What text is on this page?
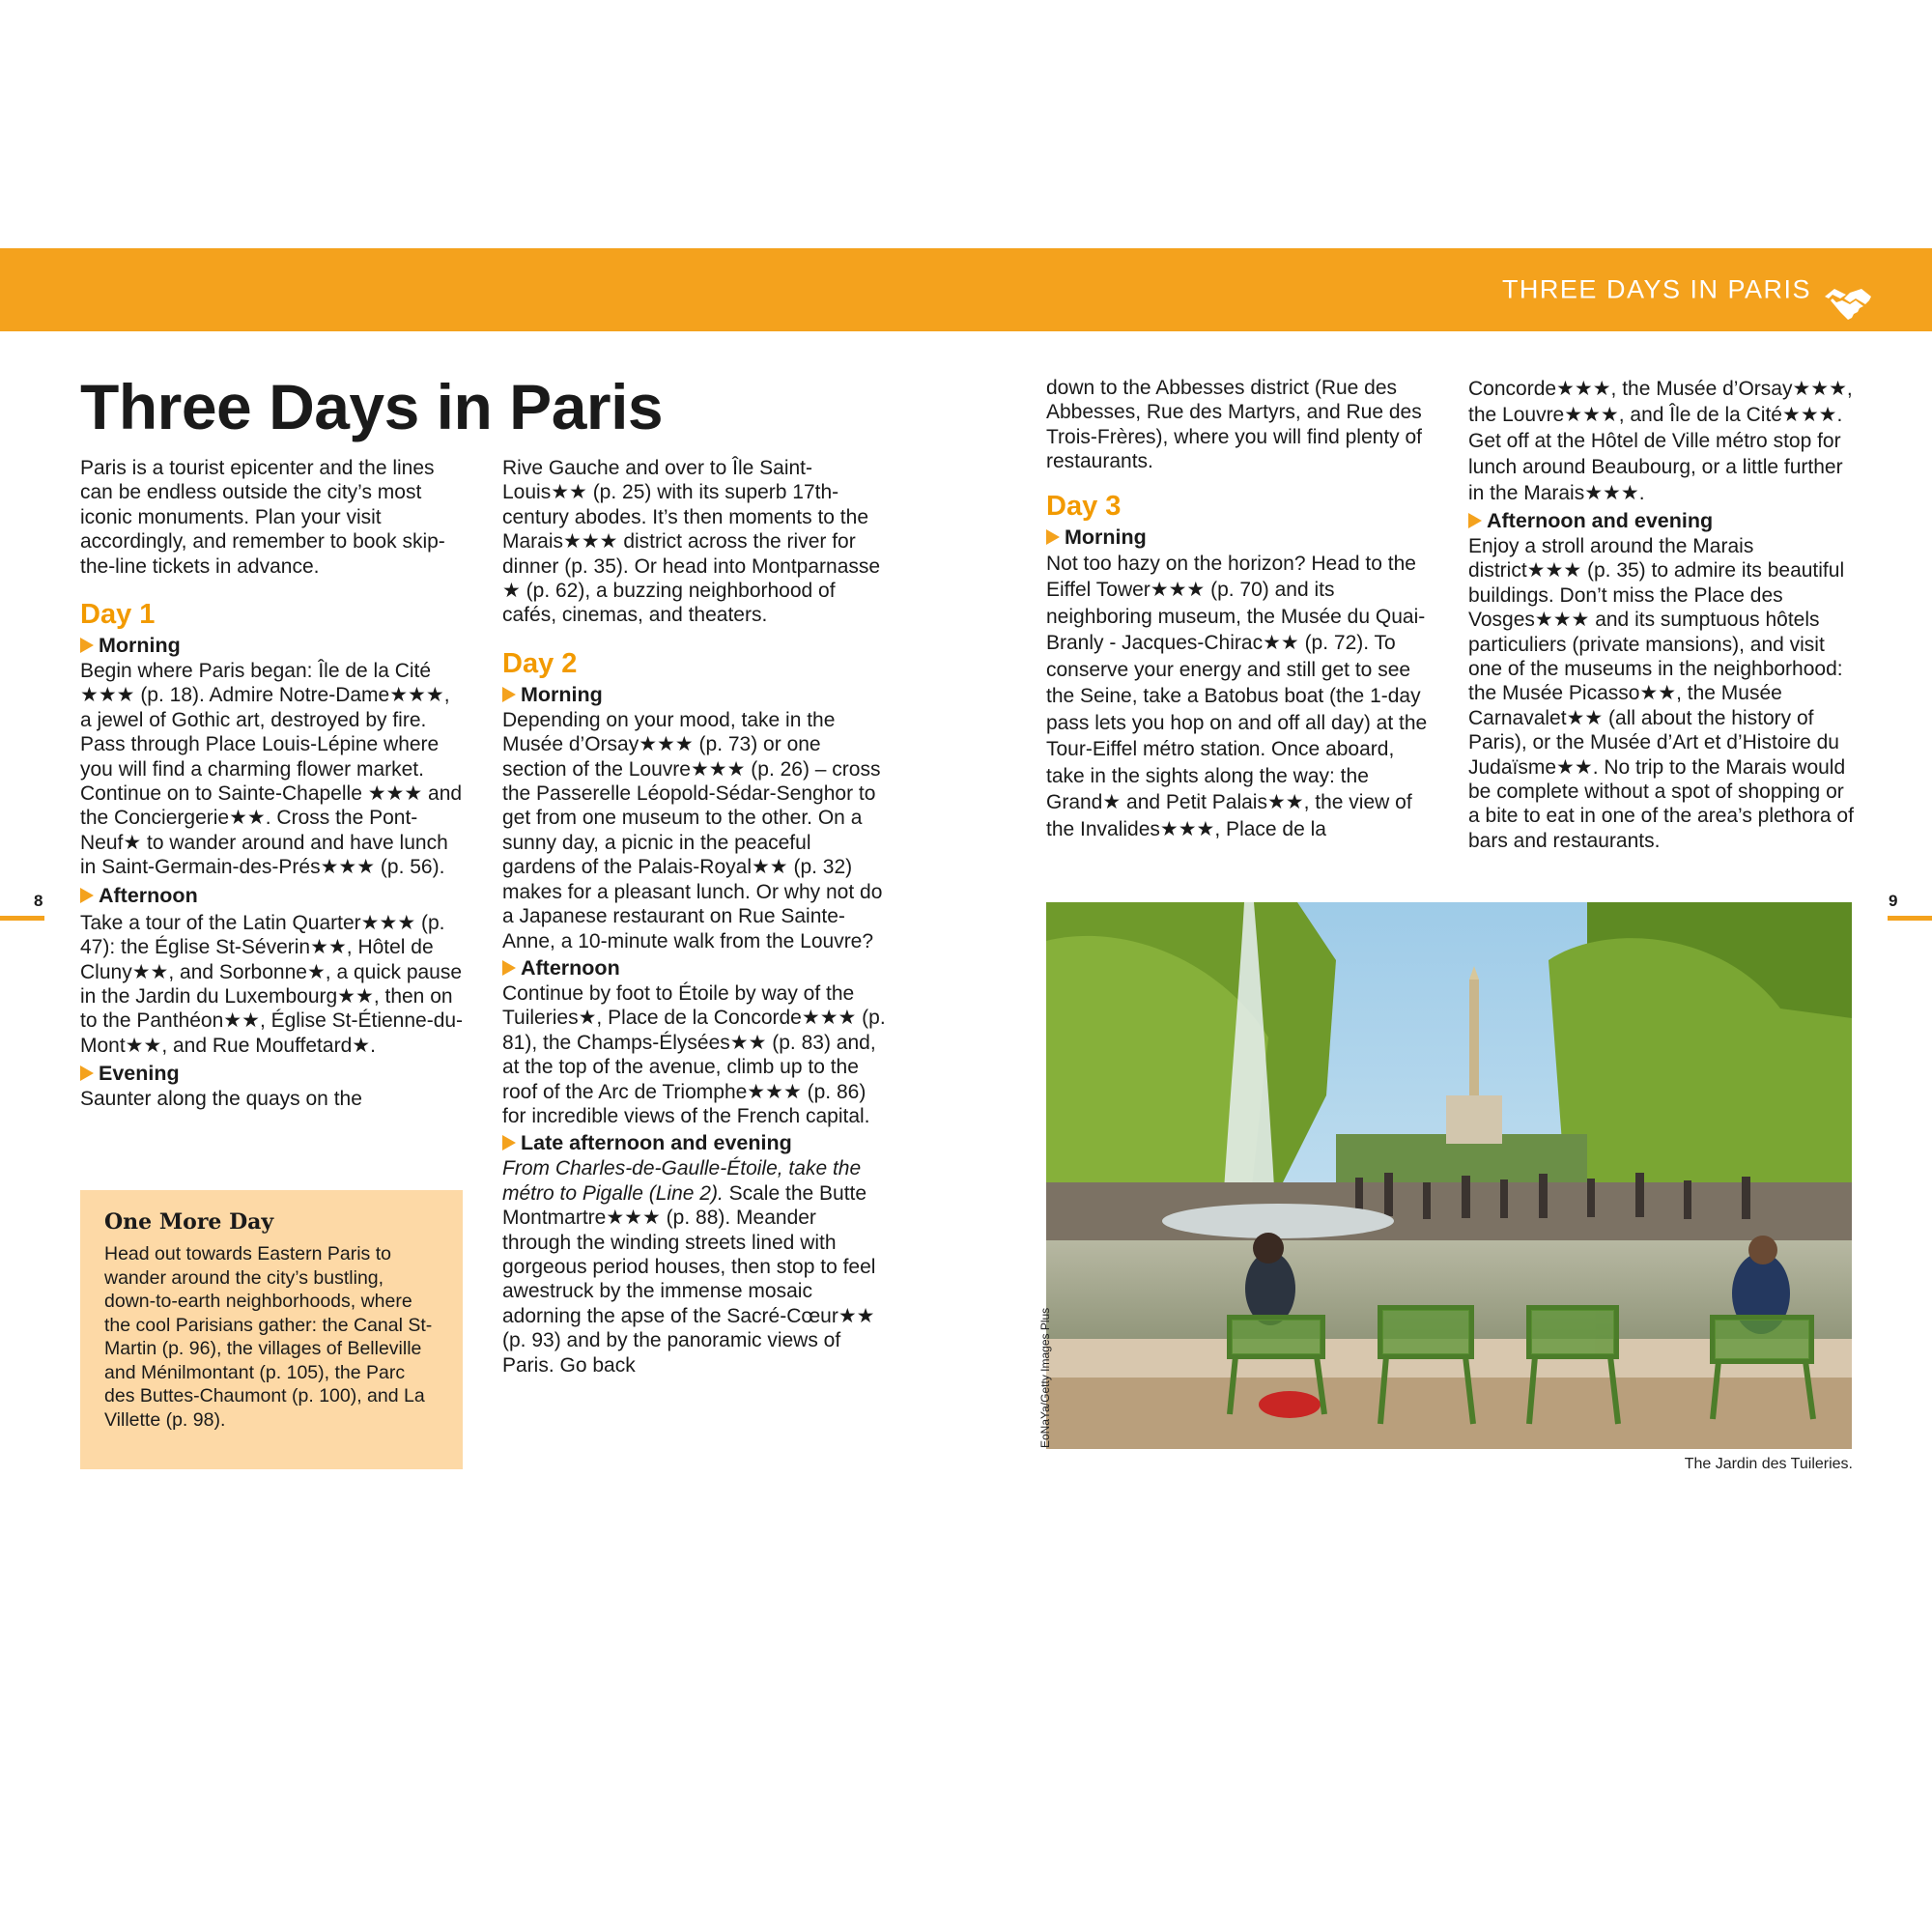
THREE DAYS IN PARIS
8	9
Three Days in Paris

Paris is a tourist epicenter and the lines can be endless outside the city’s most iconic monuments. Plan your visit accordingly, and remember to book skip-the-line tickets in advance.

Day 1

Morning

Begin where Paris began: Île de la Cité ★★★ (p. 18). Admire Notre-Dame★★★, a jewel of Gothic art, destroyed by fire. Pass through Place Louis-Lépine where you will find a charming flower market. Continue on to Sainte-Chapelle ★★★ and the Conciergerie★★. Cross the Pont-Neuf★ to wander around and have lunch in Saint-Germain-des-Prés★★★ (p. 56).

Afternoon

Take a tour of the Latin Quarter★★★ (p. 47): the Église St-Séverin★★, Hôtel de Cluny★★, and Sorbonne★, a quick pause in the Jardin du Luxembourg★★, then on to the Panthéon★★, Église St-Étienne-du-Mont★★, and Rue Mouffetard★.

Evening

Saunter along the quays on the

One More Day

Head out towards Eastern Paris to wander around the city’s bustling, down-to-earth neighborhoods, where the cool Parisians gather: the Canal St-Martin (p. 96), the villages of Belleville and Ménilmontant (p. 105), the Parc des Buttes-Chaumont (p. 100), and La Villette (p. 98).

Rive Gauche and over to Île Saint-Louis★★ (p. 25) with its superb 17th-century abodes. It’s then moments to the Marais★★★ district across the river for dinner (p. 35). Or head into Montparnasse ★ (p. 62), a buzzing neighborhood of cafés, cinemas, and theaters.

Day 2

Morning

Depending on your mood, take in the Musée d’Orsay★★★ (p. 73) or one section of the Louvre★★★ (p. 26) – cross the Passerelle Léopold-Sédar-Senghor to get from one museum to the other. On a sunny day, a picnic in the peaceful gardens of the Palais-Royal★★ (p. 32) makes for a pleasant lunch. Or why not do a Japanese restaurant on Rue Sainte-Anne, a 10-minute walk from the Louvre?

Afternoon

Continue by foot to Étoile by way of the Tuileries★, Place de la Concorde★★★ (p. 81), the Champs-Élysées★★ (p. 83) and, at the top of the avenue, climb up to the roof of the Arc de Triomphe★★★ (p. 86) for incredible views of the French capital.

Late afternoon and evening

From Charles-de-Gaulle-Étoile, take the métro to Pigalle (Line 2). Scale the Butte Montmartre★★★ (p. 88). Meander through the winding streets lined with gorgeous period houses, then stop to feel awestruck by the immense mosaic adorning the apse of the Sacré-Cœur★★ (p. 93) and by the panoramic views of Paris. Go back

down to the Abbesses district (Rue des Abbesses, Rue des Martyrs, and Rue des Trois-Frères), where you will find plenty of restaurants.

Day 3

Morning

Not too hazy on the horizon? Head to the Eiffel Tower★★★ (p. 70) and its neighboring museum, the Musée du Quai-Branly - Jacques-Chirac★★ (p. 72). To conserve your energy and still get to see the Seine, take a Batobus boat (the 1-day pass lets you hop on and off all day) at the Tour-Eiffel métro station. Once aboard, take in the sights along the way: the Grand★ and Petit Palais★★, the view of the Invalides★★★, Place de la

Concorde★★★, the Musée d’Orsay★★★, the Louvre★★★, and Île de la Cité★★★. Get off at the Hôtel de Ville métro stop for lunch around Beaubourg, or a little further in the Marais★★★.

Afternoon and evening

Enjoy a stroll around the Marais district★★★ (p. 35) to admire its beautiful buildings. Don’t miss the Place des Vosges★★★ and its sumptuous hôtels particuliers (private mansions), and visit one of the museums in the neighborhood: the Musée Picasso★★, the Musée Carnavalet★★ (all about the history of Paris), or the Musée d’Art et d’Histoire du Judaïsme★★. No trip to the Marais would be complete without a spot of shopping or a bite to eat in one of the area’s plethora of bars and restaurants.

EoNaYa/Getty Images Plus
The Jardin des Tuileries.
